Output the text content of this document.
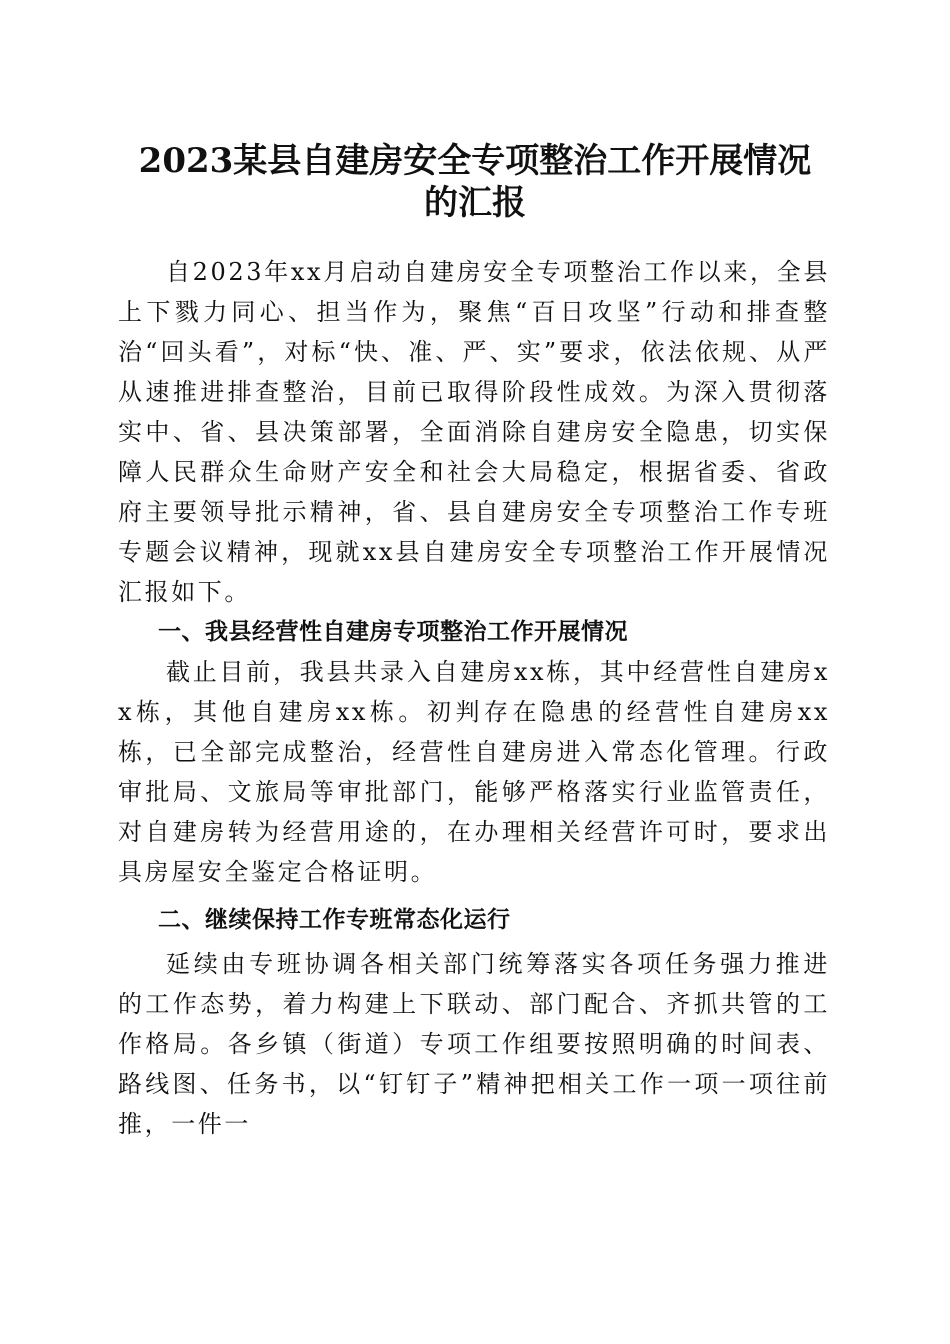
2023某县自建房安全专项整治工作开展情况
的汇报

自2023年xx月启动自建房安全专项整治工作以来，全县上下戮力同心、担当作为，聚焦“百日攻坚”行动和排查整治“回头看”，对标“快、准、严、实”要求，依法依规、从严从速推进排查整治，目前已取得阶段性成效。为深入贯彻落实中、省、县决策部署，全面消除自建房安全隐患，切实保障人民群众生命财产安全和社会大局稳定，根据省委、省政府主要领导批示精神，省、县自建房安全专项整治工作专班专题会议精神，现就xx县自建房安全专项整治工作开展情况汇报如下。

一、我县经营性自建房专项整治工作开展情况

截止目前，我县共录入自建房xx栋，其中经营性自建房xx栋，其他自建房xx栋。初判存在隐患的经营性自建房xx栋，已全部完成整治，经营性自建房进入常态化管理。行政审批局、文旅局等审批部门，能够严格落实行业监管责任，对自建房转为经营用途的，在办理相关经营许可时，要求出具房屋安全鉴定合格证明。

二、继续保持工作专班常态化运行

延续由专班协调各相关部门统筹落实各项任务强力推进的工作态势，着力构建上下联动、部门配合、齐抓共管的工作格局。各乡镇（街道）专项工作组要按照明确的时间表、路线图、任务书，以“钉钉子”精神把相关工作一项一项往前推，一件一
